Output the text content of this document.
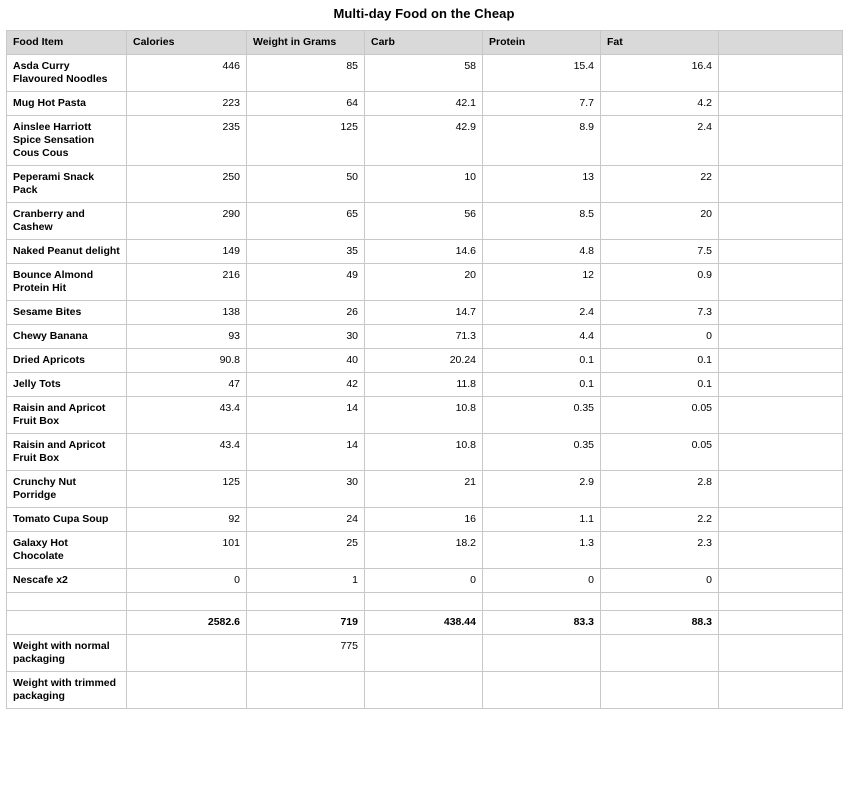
Multi-day Food on the Cheap
Food Item	Calories	Weight in Grams	Carb	Protein	Fat	
Asda Curry Flavoured Noodles	446	85	58	15.4	16.4	
Mug Hot Pasta	223	64	42.1	7.7	4.2	
Ainslee Harriott Spice Sensation Cous Cous	235	125	42.9	8.9	2.4	
Peperami Snack Pack	250	50	10	13	22	
Cranberry and Cashew	290	65	56	8.5	20	
Naked Peanut delight	149	35	14.6	4.8	7.5	
Bounce Almond Protein Hit	216	49	20	12	0.9	
Sesame Bites	138	26	14.7	2.4	7.3	
Chewy Banana	93	30	71.3	4.4	0	
Dried Apricots	90.8	40	20.24	0.1	0.1	
Jelly Tots	47	42	11.8	0.1	0.1	
Raisin and Apricot Fruit Box	43.4	14	10.8	0.35	0.05	
Raisin and Apricot Fruit Box	43.4	14	10.8	0.35	0.05	
Crunchy Nut Porridge	125	30	21	2.9	2.8	
Tomato Cupa Soup	92	24	16	1.1	2.2	
Galaxy Hot Chocolate	101	25	18.2	1.3	2.3	
Nescafe x2	0	1	0	0	0	

	2582.6	719	438.44	83.3	88.3	
Weight with normal packaging		775				
Weight with trimmed packaging						
